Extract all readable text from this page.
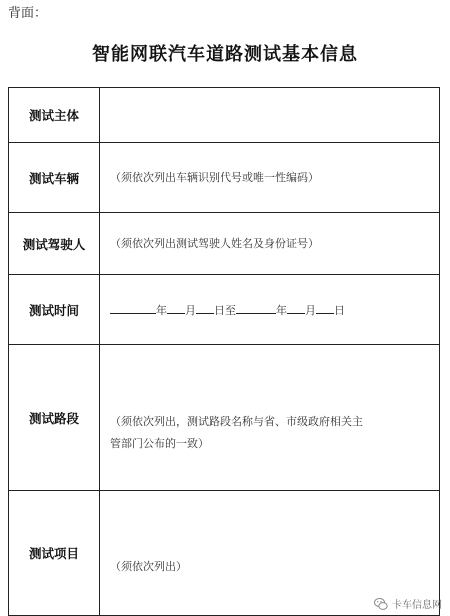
背面：
智能网联汽车道路测试基本信息
测试主体	
测试车辆	（须依次列出车辆识别代号或唯一性编码）

测试驾驶人	（须依次列出测试驾驶人姓名及身份证号）

测试时间	年 月 日至 年 月 日
测试路段	（须依次列出，测试路段名称与省、市级政府相关主
管部门公布的一致）

测试项目	（须依次列出）
卡车信息网
